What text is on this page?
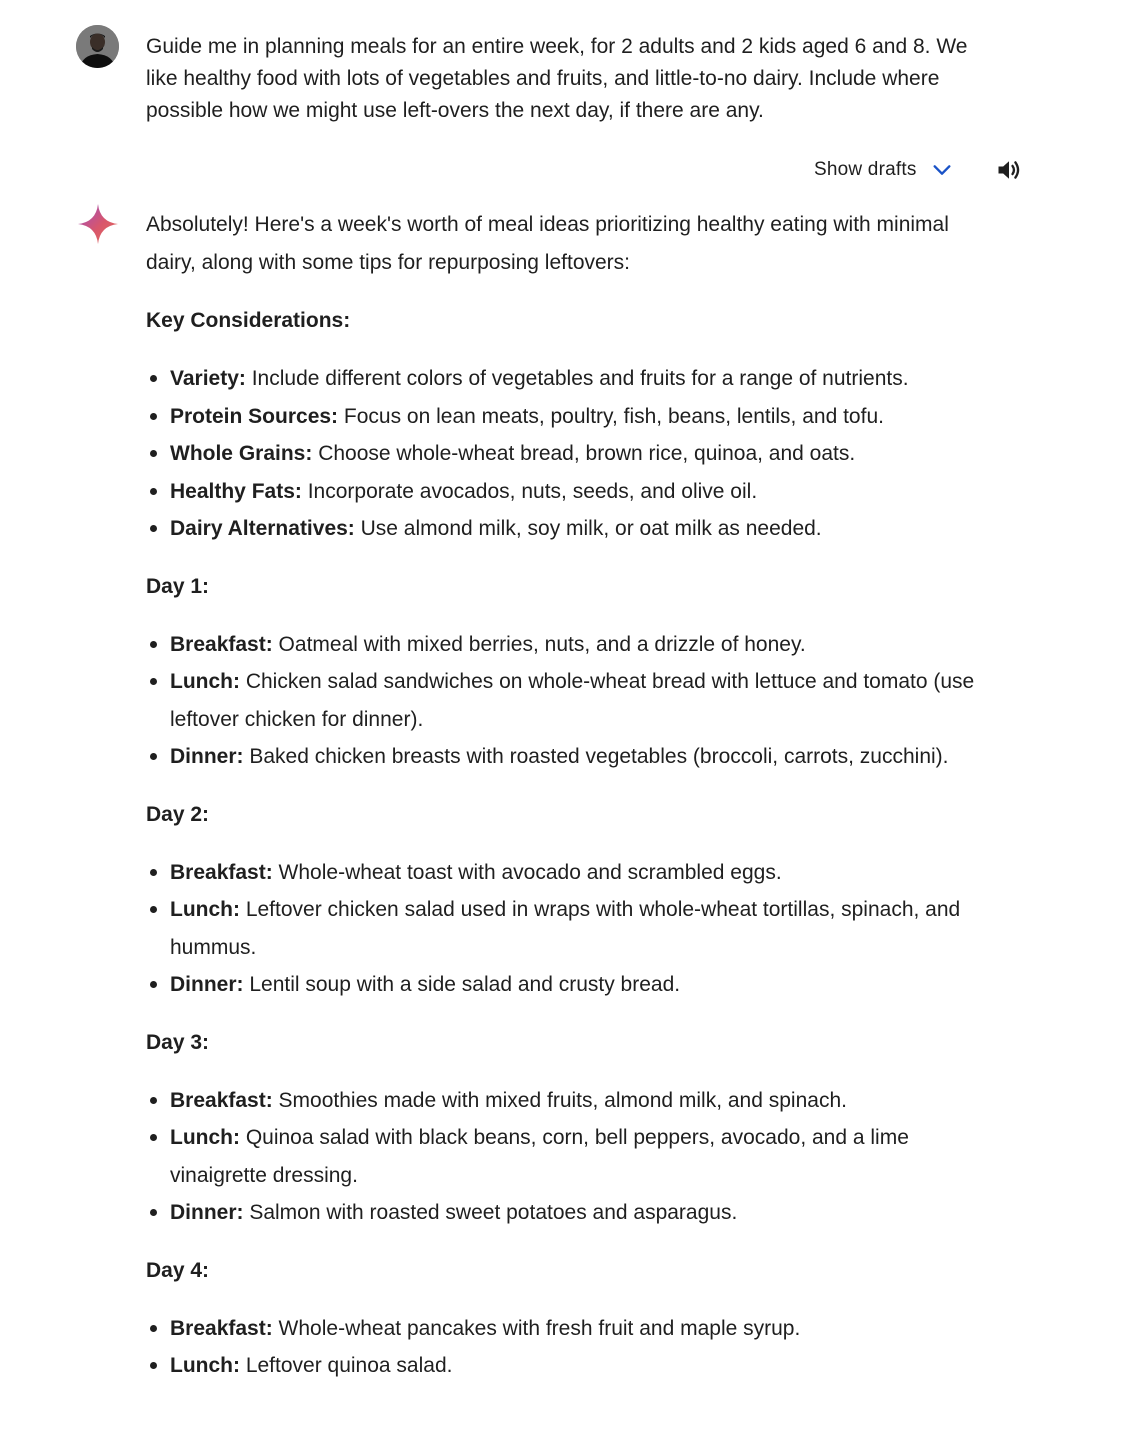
Guide me in planning meals for an entire week, for 2 adults and 2 kids aged 6 and 8. We like healthy food with lots of vegetables and fruits, and little-to-no dairy. Include where possible how we might use left-overs the next day, if there are any.

Show drafts

Absolutely! Here's a week's worth of meal ideas prioritizing healthy eating with minimal dairy, along with some tips for repurposing leftovers:

Key Considerations:

Variety: Include different colors of vegetables and fruits for a range of nutrients.
Protein Sources: Focus on lean meats, poultry, fish, beans, lentils, and tofu.
Whole Grains: Choose whole-wheat bread, brown rice, quinoa, and oats.
Healthy Fats: Incorporate avocados, nuts, seeds, and olive oil.
Dairy Alternatives: Use almond milk, soy milk, or oat milk as needed.

Day 1:

Breakfast: Oatmeal with mixed berries, nuts, and a drizzle of honey.
Lunch: Chicken salad sandwiches on whole-wheat bread with lettuce and tomato (use leftover chicken for dinner).
Dinner: Baked chicken breasts with roasted vegetables (broccoli, carrots, zucchini).

Day 2:

Breakfast: Whole-wheat toast with avocado and scrambled eggs.
Lunch: Leftover chicken salad used in wraps with whole-wheat tortillas, spinach, and hummus.
Dinner: Lentil soup with a side salad and crusty bread.

Day 3:

Breakfast: Smoothies made with mixed fruits, almond milk, and spinach.
Lunch: Quinoa salad with black beans, corn, bell peppers, avocado, and a lime vinaigrette dressing.
Dinner: Salmon with roasted sweet potatoes and asparagus.

Day 4:

Breakfast: Whole-wheat pancakes with fresh fruit and maple syrup.
Lunch: Leftover quinoa salad.
